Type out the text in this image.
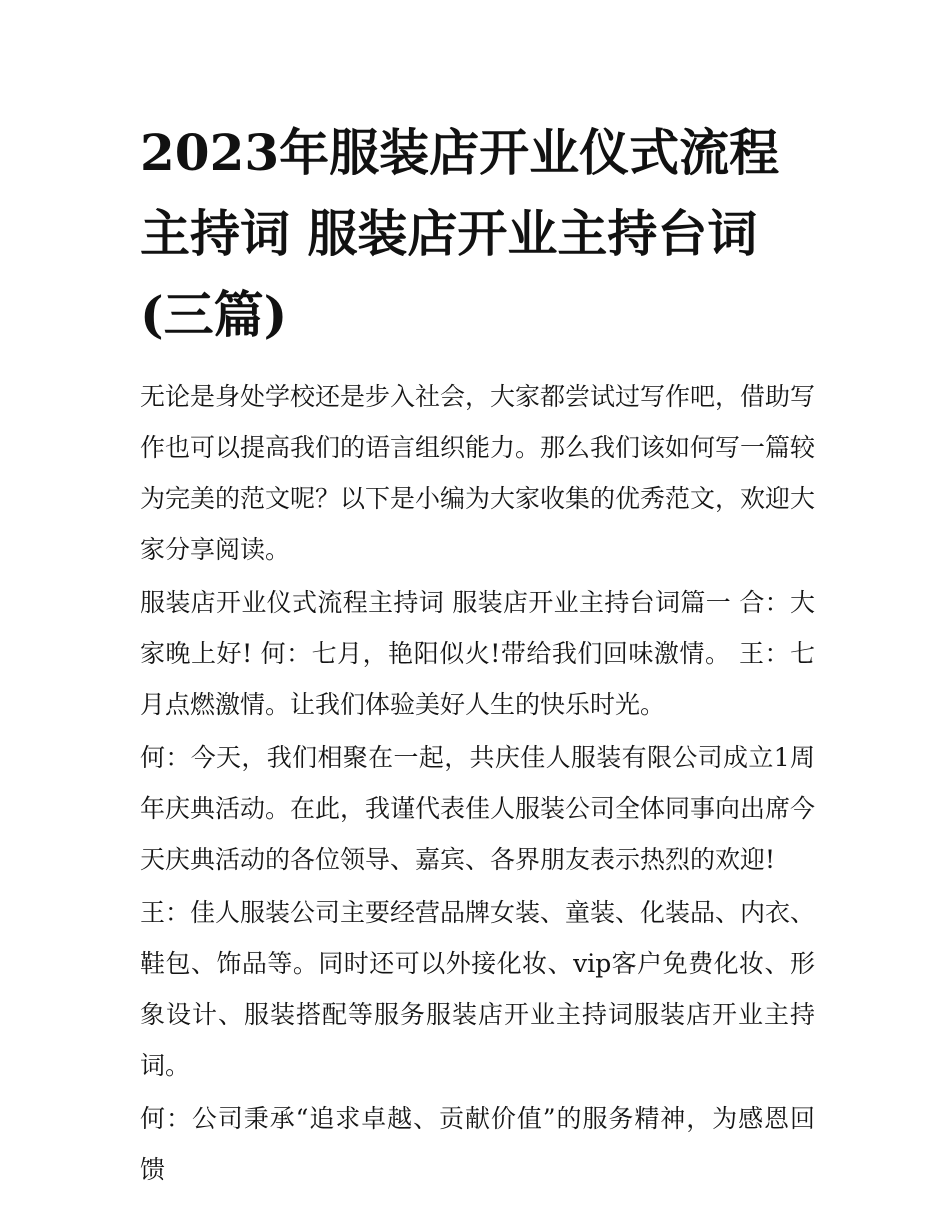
2023年服装店开业仪式流程主持词 服装店开业主持台词(三篇)

无论是身处学校还是步入社会，大家都尝试过写作吧，借助写作也可以提高我们的语言组织能力。那么我们该如何写一篇较为完美的范文呢？以下是小编为大家收集的优秀范文，欢迎大家分享阅读。

服装店开业仪式流程主持词 服装店开业主持台词篇一 合：大家晚上好! 何：七月，艳阳似火!带给我们回味激情。 王：七月点燃激情。让我们体验美好人生的快乐时光。

何：今天，我们相聚在一起，共庆佳人服装有限公司成立1周年庆典活动。在此，我谨代表佳人服装公司全体同事向出席今天庆典活动的各位领导、嘉宾、各界朋友表示热烈的欢迎!

王：佳人服装公司主要经营品牌女装、童装、化装品、内衣、鞋包、饰品等。同时还可以外接化妆、vip客户免费化妆、形象设计、服装搭配等服务服装店开业主持词服装店开业主持词。

何：公司秉承“追求卓越、贡献价值”的服务精神，为感恩回馈
